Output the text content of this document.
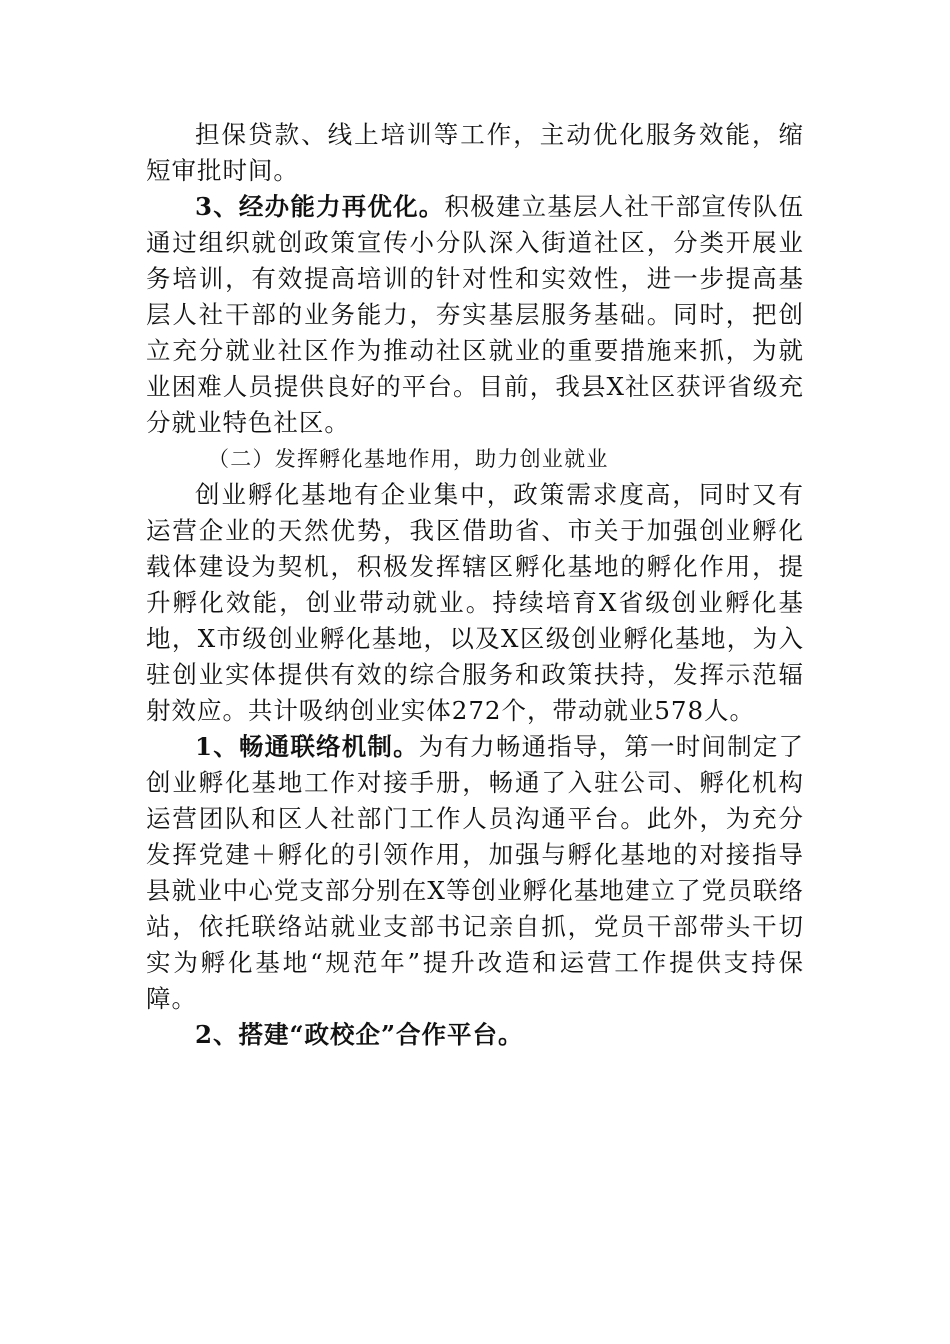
担保贷款、线上培训等工作，主动优化服务效能，缩短审批时间。

3、经办能力再优化。积极建立基层人社干部宣传队伍通过组织就创政策宣传小分队深入街道社区，分类开展业务培训，有效提高培训的针对性和实效性，进一步提高基层人社干部的业务能力，夯实基层服务基础。同时，把创立充分就业社区作为推动社区就业的重要措施来抓，为就业困难人员提供良好的平台。目前，我县X社区获评省级充分就业特色社区。

（二）发挥孵化基地作用，助力创业就业

创业孵化基地有企业集中，政策需求度高，同时又有运营企业的天然优势，我区借助省、市关于加强创业孵化载体建设为契机，积极发挥辖区孵化基地的孵化作用，提升孵化效能，创业带动就业。持续培育X省级创业孵化基地，X市级创业孵化基地，以及X区级创业孵化基地，为入驻创业实体提供有效的综合服务和政策扶持，发挥示范辐射效应。共计吸纳创业实体272个，带动就业578人。

1、畅通联络机制。为有力畅通指导，第一时间制定了创业孵化基地工作对接手册，畅通了入驻公司、孵化机构运营团队和区人社部门工作人员沟通平台。此外，为充分发挥党建＋孵化的引领作用，加强与孵化基地的对接指导县就业中心党支部分别在X等创业孵化基地建立了党员联络站，依托联络站就业支部书记亲自抓，党员干部带头干切实为孵化基地“规范年”提升改造和运营工作提供支持保障。

2、搭建“政校企”合作平台。
